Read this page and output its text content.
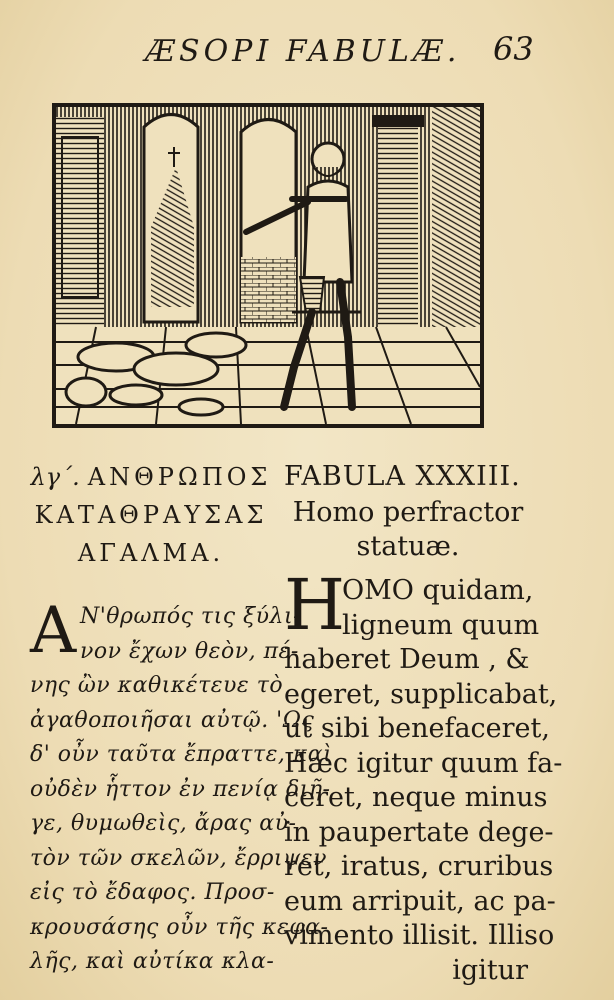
ÆSOPI FABULÆ. 63
λγ΄. ΑΝΘΡΩΠΟΣ
ΚΑΤΑΘΡΑΥΣΑΣ
ΑΓΑΛΜΑ.
Α Ν'θρωπός τις ξύλι-
νον ἔχων θεὸν, πέ-
νης ὢν καθικέτευε τὸ
ἀγαθοποιῆσαι αὐτῷ. 'Ως
δ' οὖν ταῦτα ἔπραττε, καὶ
οὐδὲν ἧττον ἐν πενίᾳ διῆ-
γε, θυμωθεὶς, ἄρας αὐ-
τὸν τῶν σκελῶν, ἔρριψεν
εἰς τὸ ἔδαφος. Προσ-
κρουσάσης οὖν τῆς κεφα-
λῆς, καὶ αὐτίκα κλα-
FABULA XXXIII.
Homo perfractor
statuæ.
H
OMO quidam,
ligneum quum
haberet Deum , &
egeret, supplicabat,
ut sibi benefaceret,
Hæc igitur quum fa-
ceret, neque minus
in paupertate dege-
ret, iratus, cruribus
eum arripuit, ac pa-
vimento illisit. Illiso
igitur
